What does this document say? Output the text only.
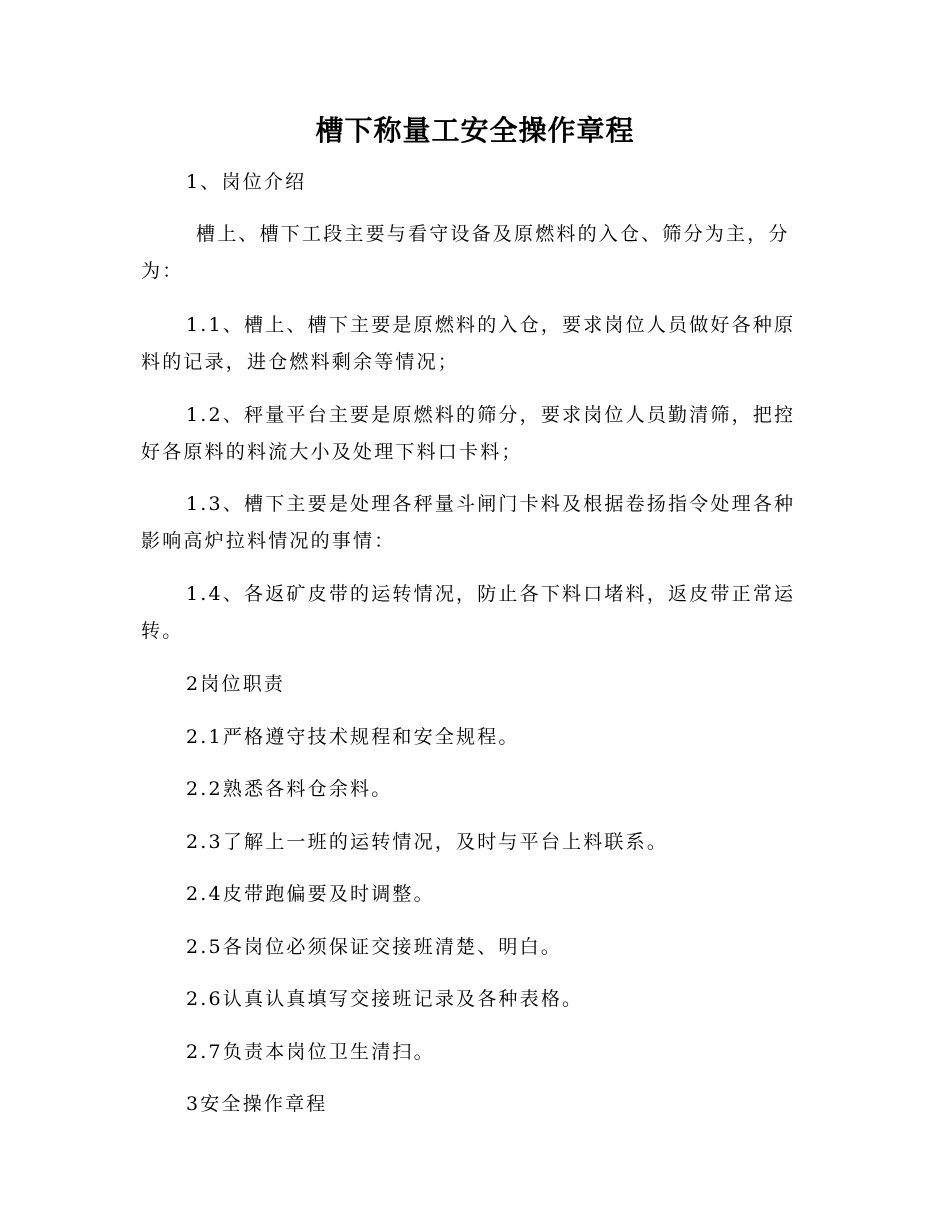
槽下称量工安全操作章程
1、岗位介绍
槽上、槽下工段主要与看守设备及原燃料的入仓、筛分为主，分
为：
1.1、槽上、槽下主要是原燃料的入仓，要求岗位人员做好各种原
料的记录，进仓燃料剩余等情况；
1.2、秤量平台主要是原燃料的筛分，要求岗位人员勤清筛，把控
好各原料的料流大小及处理下料口卡料；
1.3、槽下主要是处理各秤量斗闸门卡料及根据卷扬指令处理各种
影响高炉拉料情况的事情：
1.4、各返矿皮带的运转情况，防止各下料口堵料，返皮带正常运
转。
2岗位职责
2.1严格遵守技术规程和安全规程。
2.2熟悉各料仓余料。
2.3了解上一班的运转情况，及时与平台上料联系。
2.4皮带跑偏要及时调整。
2.5各岗位必须保证交接班清楚、明白。
2.6认真认真填写交接班记录及各种表格。
2.7负责本岗位卫生清扫。
3安全操作章程
